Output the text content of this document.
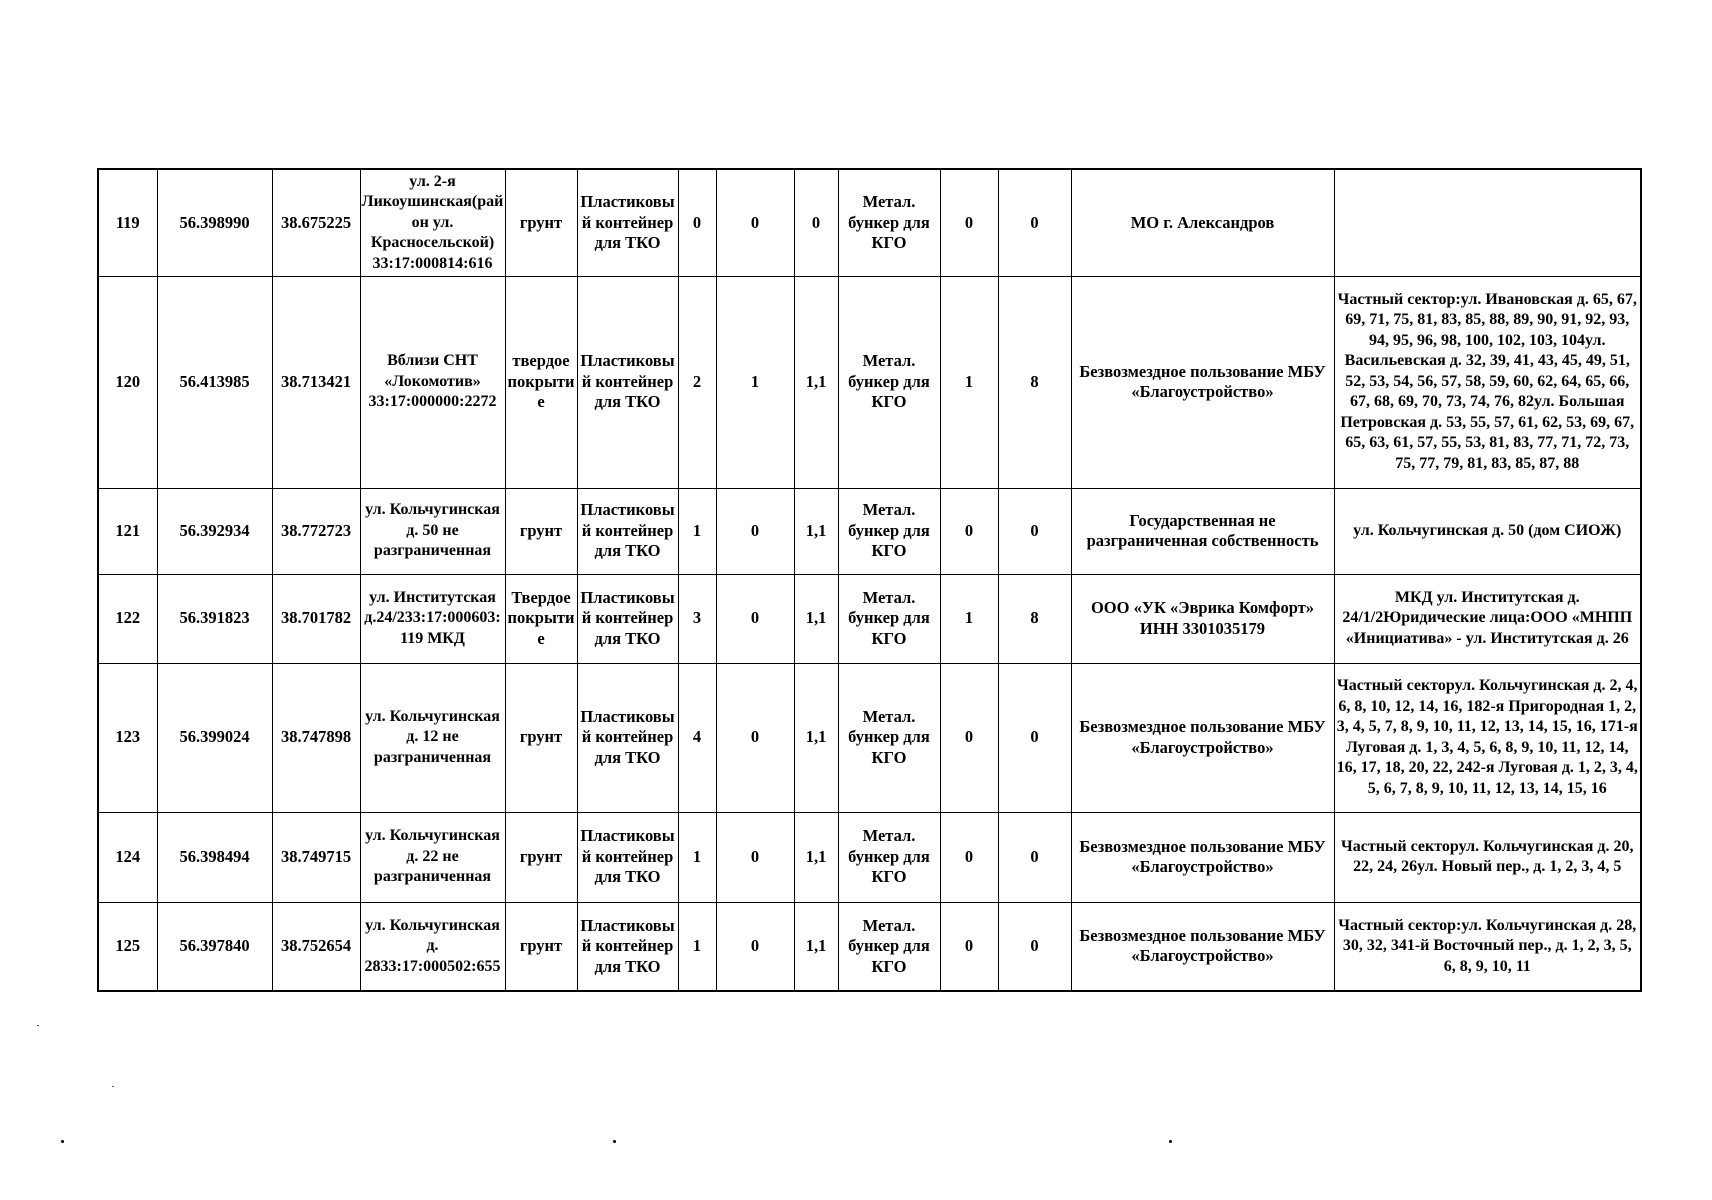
119	56.398990	38.675225	ул. 2-я Ликоушинская(район ул. Красносельской) 33:17:000814:616	грунт	Пластиковый контейнер для ТКО	0	0	0	Метал. бункер для КГО	0	0	МО г. Александров	
120	56.413985	38.713421	Вблизи СНТ «Локомотив» 33:17:000000:2272	твердое покрытие	Пластиковый контейнер для ТКО	2	1	1,1	Метал. бункер для КГО	1	8	Безвозмездное пользование МБУ «Благоустройство»	Частный сектор:ул. Ивановская д. 65, 67, 69, 71, 75, 81, 83, 85, 88, 89, 90, 91, 92, 93, 94, 95, 96, 98, 100, 102, 103, 104ул. Васильевская д. 32, 39, 41, 43, 45, 49, 51, 52, 53, 54, 56, 57, 58, 59, 60, 62, 64, 65, 66, 67, 68, 69, 70, 73, 74, 76, 82ул. Большая Петровская д. 53, 55, 57, 61, 62, 53, 69, 67, 65, 63, 61, 57, 55, 53, 81, 83, 77, 71, 72, 73, 75, 77, 79, 81, 83, 85, 87, 88
121	56.392934	38.772723	ул. Кольчугинская д. 50 не разграниченная	грунт	Пластиковый контейнер для ТКО	1	0	1,1	Метал. бункер для КГО	0	0	Государственная не разграниченная собственность	ул. Кольчугинская д. 50 (дом СИОЖ)
122	56.391823	38.701782	ул. Институтская д.24/233:17:000603:119 МКД	Твердое покрытие	Пластиковый контейнер для ТКО	3	0	1,1	Метал. бункер для КГО	1	8	ООО «УК «Эврика Комфорт» ИНН 3301035179	МКД ул. Институтская д. 24/1/2Юридические лица:ООО «МНПП «Инициатива» - ул. Институтская д. 26
123	56.399024	38.747898	ул. Кольчугинская д. 12 не разграниченная	грунт	Пластиковый контейнер для ТКО	4	0	1,1	Метал. бункер для КГО	0	0	Безвозмездное пользование МБУ «Благоустройство»	Частный секторул. Кольчугинская д. 2, 4, 6, 8, 10, 12, 14, 16, 182-я Пригородная 1, 2, 3, 4, 5, 7, 8, 9, 10, 11, 12, 13, 14, 15, 16, 171-я Луговая д. 1, 3, 4, 5, 6, 8, 9, 10, 11, 12, 14, 16, 17, 18, 20, 22, 242-я Луговая д. 1, 2, 3, 4, 5, 6, 7, 8, 9, 10, 11, 12, 13, 14, 15, 16
124	56.398494	38.749715	ул. Кольчугинская д. 22 не разграниченная	грунт	Пластиковый контейнер для ТКО	1	0	1,1	Метал. бункер для КГО	0	0	Безвозмездное пользование МБУ «Благоустройство»	Частный секторул. Кольчугинская д. 20, 22, 24, 26ул. Новый пер., д. 1, 2, 3, 4, 5
125	56.397840	38.752654	ул. Кольчугинская д. 2833:17:000502:655	грунт	Пластиковый контейнер для ТКО	1	0	1,1	Метал. бункер для КГО	0	0	Безвозмездное пользование МБУ «Благоустройство»	Частный сектор:ул. Кольчугинская д. 28, 30, 32, 341-й Восточный пер., д. 1, 2, 3, 5, 6, 8, 9, 10, 11
